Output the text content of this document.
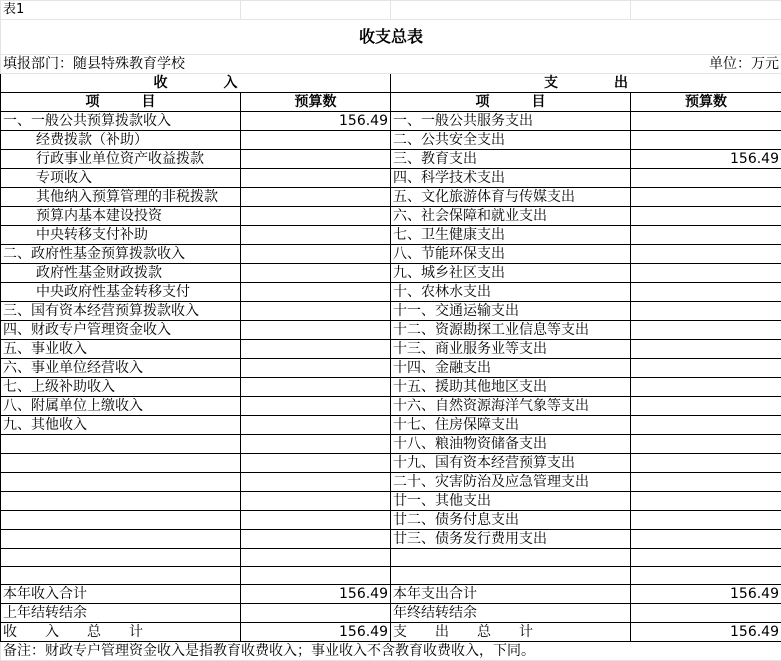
表1			
收支总表			
填报部门：随县特殊教育学校		单位：万元	
收　　　　入		支　　　　出	
项　　　目	预算数	项　　　目	预算数
一、一般公共预算拨款收入	156.49	一、一般公共服务支出	
经费拨款（补助）		二、公共安全支出	
行政事业单位资产收益拨款		三、教育支出	156.49
专项收入		四、科学技术支出	
其他纳入预算管理的非税拨款		五、文化旅游体育与传媒支出	
预算内基本建设投资		六、社会保障和就业支出	
中央转移支付补助		七、卫生健康支出	
二、政府性基金预算拨款收入		八、节能环保支出	
政府性基金财政拨款		九、城乡社区支出	
中央政府性基金转移支付		十、农林水支出	
三、国有资本经营预算拨款收入		十一、交通运输支出	
四、财政专户管理资金收入		十二、资源勘探工业信息等支出	
五、事业收入		十三、商业服务业等支出	
六、事业单位经营收入		十四、金融支出	
七、上级补助收入		十五、援助其他地区支出	
八、附属单位上缴收入		十六、自然资源海洋气象等支出	
九、其他收入		十七、住房保障支出	
		十八、粮油物资储备支出	
		十九、国有资本经营预算支出	
		二十、灾害防治及应急管理支出	
		廿一、其他支出	
		廿二、债务付息支出	
		廿三、债务发行费用支出	

本年收入合计	156.49	本年支出合计	156.49
上年结转结余		年终结转结余	
收　　入　　总　　计	156.49	支　　出　　总　　计	156.49
备注：财政专户管理资金收入是指教育收费收入；事业收入不含教育收费收入，下同。			
